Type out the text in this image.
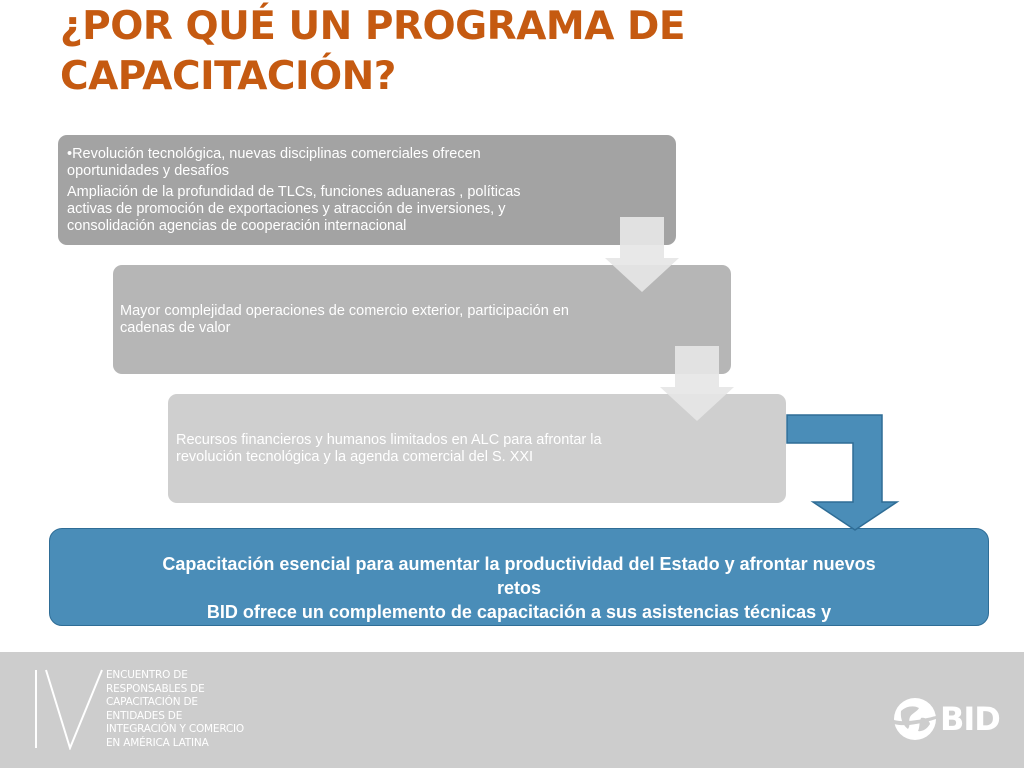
¿POR QUÉ UN PROGRAMA DE
CAPACITACIÓN?

•Revolución tecnológica, nuevas disciplinas comerciales ofrecen oportunidades y desafíos

Ampliación de la profundidad de TLCs, funciones aduaneras , políticas activas de promoción de exportaciones y atracción de inversiones, y consolidación agencias de cooperación internacional

Mayor complejidad operaciones de comercio exterior, participación en cadenas de valor

Recursos financieros y humanos limitados en ALC para afrontar la revolución tecnológica y la agenda comercial del S. XXI

Capacitación esencial para aumentar la productividad del Estado y afrontar nuevos retos

BID ofrece un complemento de capacitación a sus asistencias técnicas y

ENCUENTRO DE
RESPONSABLES DE
CAPACITACIÓN DE
ENTIDADES DE
INTEGRACIÓN Y COMERCIO
EN AMÉRICA LATINA
BID
